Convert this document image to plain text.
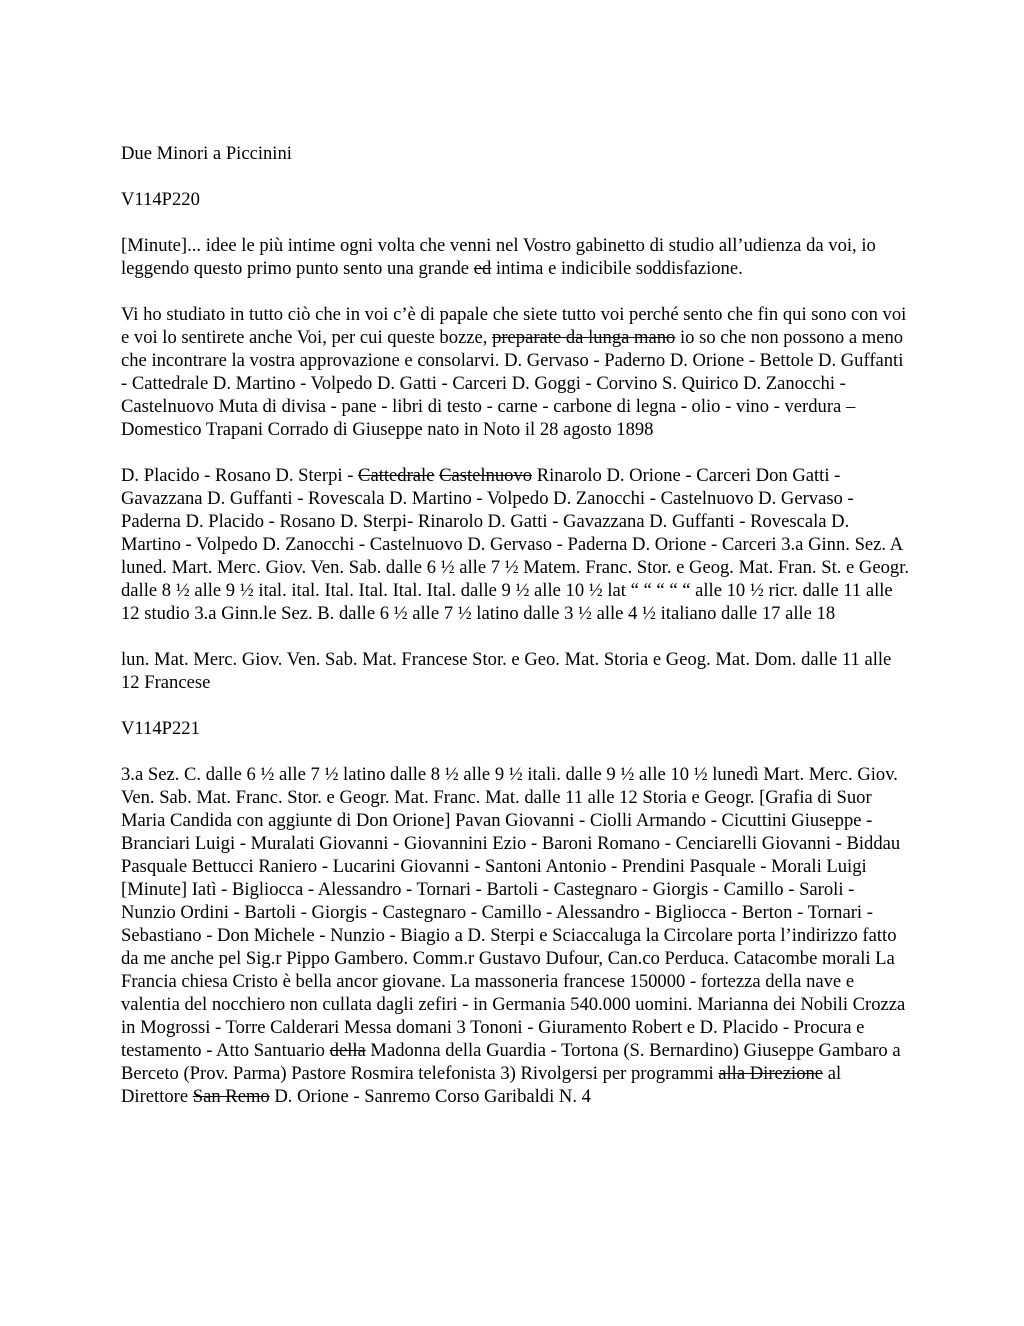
Due Minori a Piccinini

V114P220

[Minute]... idee le più intime ogni volta che venni nel Vostro gabinetto di studio all’udienza da voi, io leggendo questo primo punto sento una grande ed intima e indicibile soddisfazione.

Vi ho studiato in tutto ciò che in voi c’è di papale che siete tutto voi perché sento che fin qui sono con voi e voi lo sentirete anche Voi, per cui queste bozze, preparate da lunga mano io so che non possono a meno che incontrare la vostra approvazione e consolarvi. D. Gervaso - Paderno D. Orione - Bettole D. Guffanti - Cattedrale D. Martino - Volpedo D. Gatti - Carceri D. Goggi - Corvino S. Quirico D. Zanocchi - Castelnuovo Muta di divisa - pane - libri di testo - carne - carbone di legna - olio - vino - verdura – Domestico Trapani Corrado di Giuseppe nato in Noto il 28 agosto 1898

D. Placido - Rosano D. Sterpi - Cattedrale Castelnuovo Rinarolo D. Orione - Carceri Don Gatti - Gavazzana D. Guffanti - Rovescala D. Martino - Volpedo D. Zanocchi - Castelnuovo D. Gervaso - Paderna D. Placido - Rosano D. Sterpi- Rinarolo D. Gatti - Gavazzana D. Guffanti - Rovescala D. Martino - Volpedo D. Zanocchi - Castelnuovo D. Gervaso - Paderna D. Orione - Carceri 3.a Ginn. Sez. A luned. Mart. Merc. Giov. Ven. Sab. dalle 6 ½ alle 7 ½ Matem. Franc. Stor. e Geog. Mat. Fran. St. e Geogr. dalle 8 ½ alle 9 ½ ital. ital. Ital. Ital. Ital. Ital. dalle 9 ½ alle 10 ½ lat “ “ “ “ “ alle 10 ½ ricr. dalle 11 alle 12 studio 3.a Ginn.le Sez. B. dalle 6 ½ alle 7 ½ latino dalle 3 ½ alle 4 ½ italiano dalle 17 alle 18

lun. Mat. Merc. Giov. Ven. Sab. Mat. Francese Stor. e Geo. Mat. Storia e Geog. Mat. Dom. dalle 11 alle 12 Francese

V114P221

3.a Sez. C. dalle 6 ½ alle 7 ½ latino dalle 8 ½ alle 9 ½ itali. dalle 9 ½ alle 10 ½ lunedì Mart. Merc. Giov. Ven. Sab. Mat. Franc. Stor. e Geogr. Mat. Franc. Mat. dalle 11 alle 12 Storia e Geogr. [Grafia di Suor Maria Candida con aggiunte di Don Orione] Pavan Giovanni - Ciolli Armando - Cicuttini Giuseppe - Branciari Luigi - Muralati Giovanni - Giovannini Ezio - Baroni Romano - Cenciarelli Giovanni - Biddau Pasquale Bettucci Raniero - Lucarini Giovanni - Santoni Antonio - Prendini Pasquale - Morali Luigi [Minute] Iatì - Bigliocca - Alessandro - Tornari - Bartoli - Castegnaro - Giorgis - Camillo - Saroli - Nunzio Ordini - Bartoli - Giorgis - Castegnaro - Camillo - Alessandro - Bigliocca - Berton - Tornari - Sebastiano - Don Michele - Nunzio - Biagio a D. Sterpi e Sciaccaluga la Circolare porta l’indirizzo fatto da me anche pel Sig.r Pippo Gambero. Comm.r Gustavo Dufour, Can.co Perduca. Catacombe morali La Francia chiesa Cristo è bella ancor giovane. La massoneria francese 150000 - fortezza della nave e valentia del nocchiero non cullata dagli zefiri - in Germania 540.000 uomini. Marianna dei Nobili Crozza in Mogrossi - Torre Calderari Messa domani 3 Tononi - Giuramento Robert e D. Placido - Procura e testamento - Atto Santuario della Madonna della Guardia - Tortona (S. Bernardino) Giuseppe Gambaro a Berceto (Prov. Parma) Pastore Rosmira telefonista 3) Rivolgersi per programmi alla Direzione al Direttore San Remo D. Orione - Sanremo Corso Garibaldi N. 4
